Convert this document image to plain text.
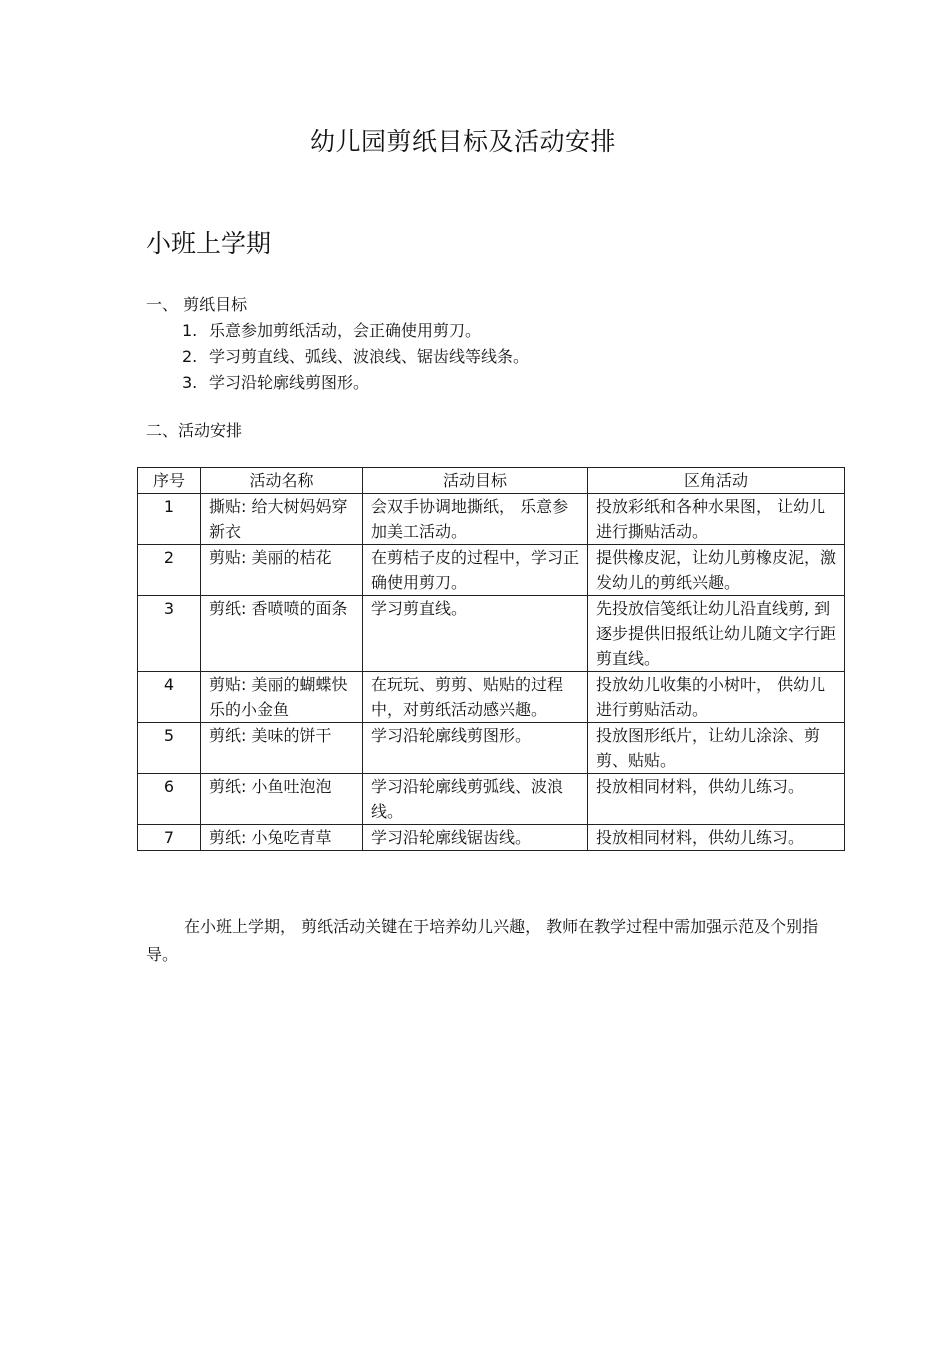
幼儿园剪纸目标及活动安排
小班上学期
一、 剪纸目标
1. 乐意参加剪纸活动，会正确使用剪刀。
2. 学习剪直线、弧线、波浪线、锯齿线等线条。
3. 学习沿轮廓线剪图形。
二、活动安排
序号	活动名称	活动目标	区角活动
1	撕贴: 给大树妈妈穿新衣	会双手协调地撕纸， 乐意参加美工活动。	投放彩纸和各种水果图， 让幼儿进行撕贴活动。
2	剪贴: 美丽的桔花	在剪桔子皮的过程中，学习正确使用剪刀。	提供橡皮泥，让幼儿剪橡皮泥，激发幼儿的剪纸兴趣。
3	剪纸: 香喷喷的面条	学习剪直线。	先投放信笺纸让幼儿沿直线剪, 到逐步提供旧报纸让幼儿随文字行距剪直线。
4	剪贴: 美丽的蝴蝶快乐的小金鱼	在玩玩、剪剪、贴贴的过程中，对剪纸活动感兴趣。	投放幼儿收集的小树叶， 供幼儿进行剪贴活动。
5	剪纸: 美味的饼干	学习沿轮廓线剪图形。	投放图形纸片，让幼儿涂涂、剪剪、贴贴。
6	剪纸: 小鱼吐泡泡	学习沿轮廓线剪弧线、波浪线。	投放相同材料，供幼儿练习。
7	剪纸: 小兔吃青草	学习沿轮廓线锯齿线。	投放相同材料，供幼儿练习。

在小班上学期， 剪纸活动关键在于培养幼儿兴趣， 教师在教学过程中需加强示范及个别指导。
